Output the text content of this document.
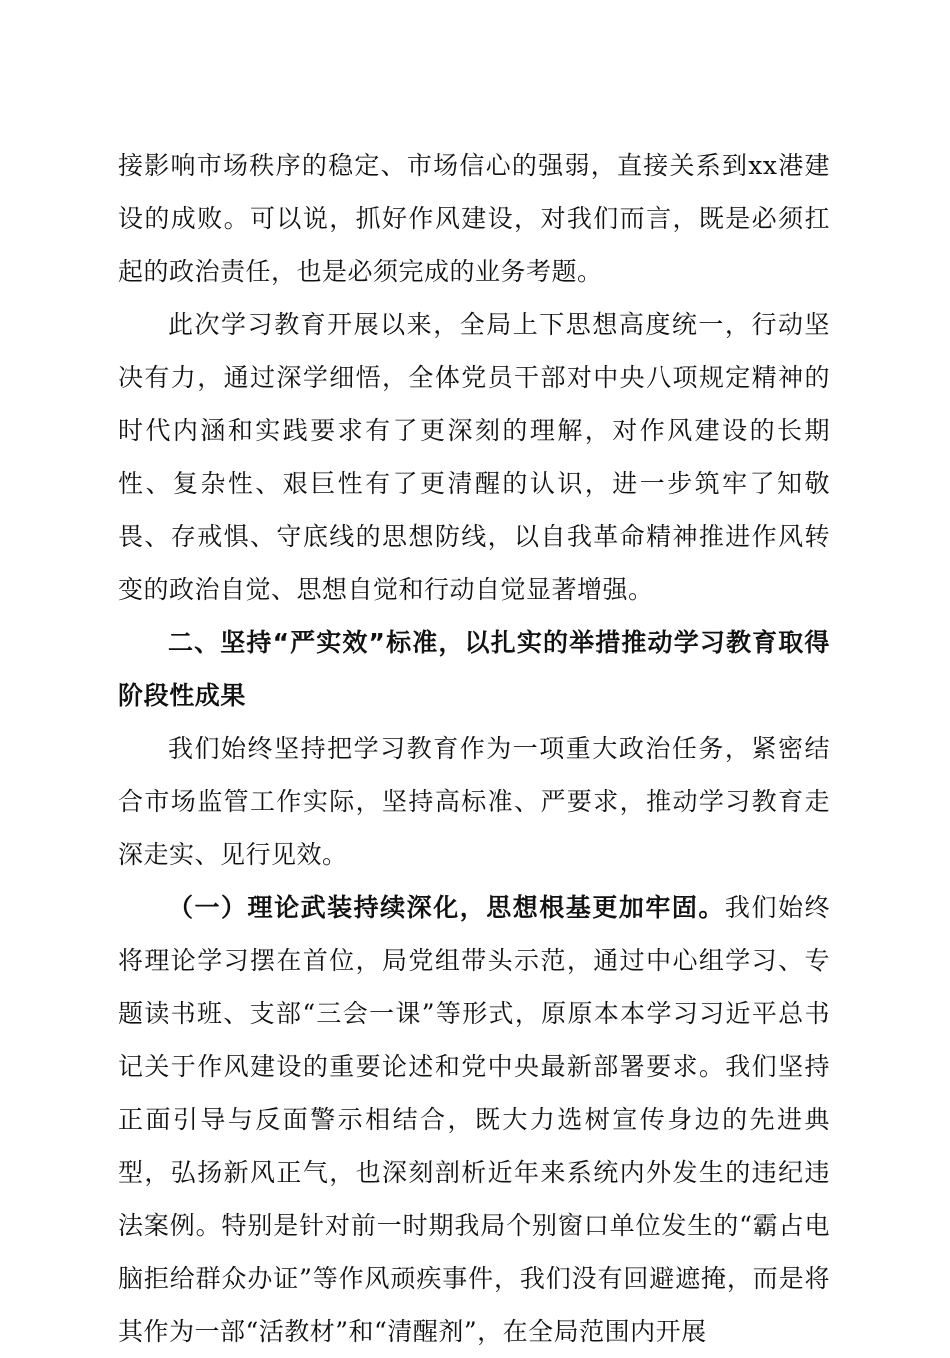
接影响市场秩序的稳定、市场信心的强弱，直接关系到xx港建设的成败。可以说，抓好作风建设，对我们而言，既是必须扛起的政治责任，也是必须完成的业务考题。

此次学习教育开展以来，全局上下思想高度统一，行动坚决有力，通过深学细悟，全体党员干部对中央八项规定精神的时代内涵和实践要求有了更深刻的理解，对作风建设的长期性、复杂性、艰巨性有了更清醒的认识，进一步筑牢了知敬畏、存戒惧、守底线的思想防线，以自我革命精神推进作风转变的政治自觉、思想自觉和行动自觉显著增强。

二、坚持“严实效”标准，以扎实的举措推动学习教育取得阶段性成果

我们始终坚持把学习教育作为一项重大政治任务，紧密结合市场监管工作实际，坚持高标准、严要求，推动学习教育走深走实、见行见效。

（一）理论武装持续深化，思想根基更加牢固。我们始终将理论学习摆在首位，局党组带头示范，通过中心组学习、专题读书班、支部“三会一课”等形式，原原本本学习习近平总书记关于作风建设的重要论述和党中央最新部署要求。我们坚持正面引导与反面警示相结合，既大力选树宣传身边的先进典型，弘扬新风正气，也深刻剖析近年来系统内外发生的违纪违法案例。特别是针对前一时期我局个别窗口单位发生的“霸占电脑拒给群众办证”等作风顽疾事件，我们没有回避遮掩，而是将其作为一部“活教材”和“清醒剂”，在全局范围内开展
